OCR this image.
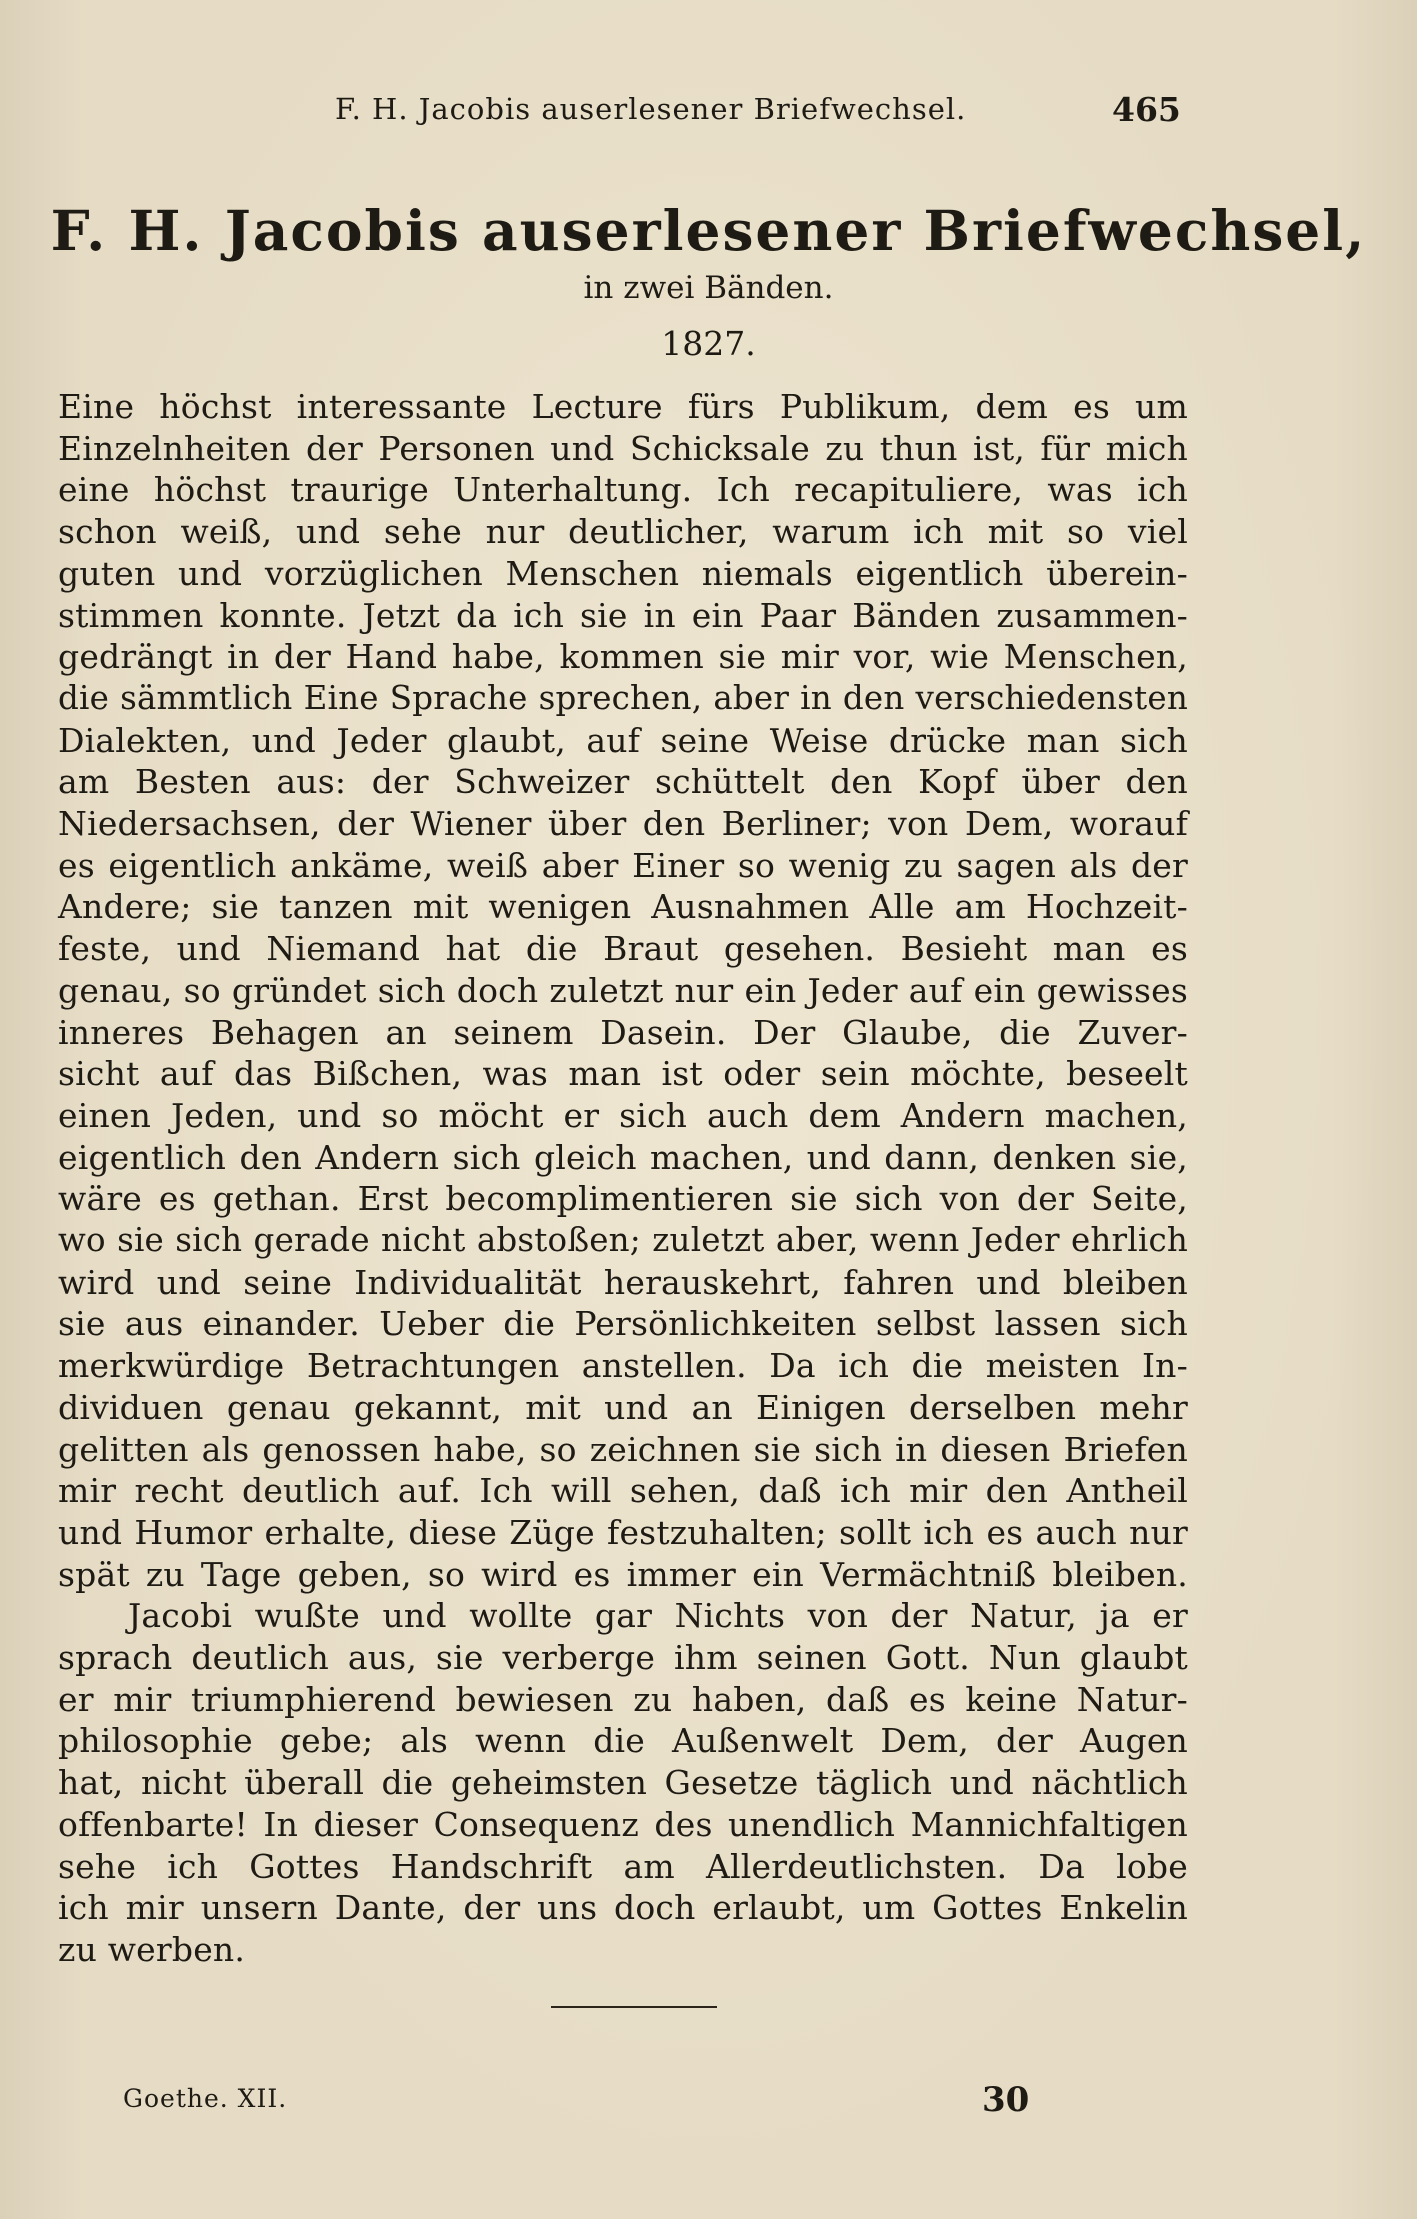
F. H. Jacobis auserlesener Briefwechsel.	465
F. H. Jacobis auserlesener Briefwechsel,
in zwei Bänden.
1827.
Eine höchst interessante Lecture fürs Publikum, dem es um
Einzelnheiten der Personen und Schicksale zu thun ist, für mich
eine höchst traurige Unterhaltung. Ich recapituliere, was ich
schon weiß, und sehe nur deutlicher, warum ich mit so viel
guten und vorzüglichen Menschen niemals eigentlich überein-
stimmen konnte. Jetzt da ich sie in ein Paar Bänden zusammen-
gedrängt in der Hand habe, kommen sie mir vor, wie Menschen,
die sämmtlich Eine Sprache sprechen, aber in den verschiedensten
Dialekten, und Jeder glaubt, auf seine Weise drücke man sich
am Besten aus: der Schweizer schüttelt den Kopf über den
Niedersachsen, der Wiener über den Berliner; von Dem, worauf
es eigentlich ankäme, weiß aber Einer so wenig zu sagen als der
Andere; sie tanzen mit wenigen Ausnahmen Alle am Hochzeit-
feste, und Niemand hat die Braut gesehen. Besieht man es
genau, so gründet sich doch zuletzt nur ein Jeder auf ein gewisses
inneres Behagen an seinem Dasein. Der Glaube, die Zuver-
sicht auf das Bißchen, was man ist oder sein möchte, beseelt
einen Jeden, und so möcht er sich auch dem Andern machen,
eigentlich den Andern sich gleich machen, und dann, denken sie,
wäre es gethan. Erst becomplimentieren sie sich von der Seite,
wo sie sich gerade nicht abstoßen; zuletzt aber, wenn Jeder ehrlich
wird und seine Individualität herauskehrt, fahren und bleiben
sie aus einander. Ueber die Persönlichkeiten selbst lassen sich
merkwürdige Betrachtungen anstellen. Da ich die meisten In-
dividuen genau gekannt, mit und an Einigen derselben mehr
gelitten als genossen habe, so zeichnen sie sich in diesen Briefen
mir recht deutlich auf. Ich will sehen, daß ich mir den Antheil
und Humor erhalte, diese Züge festzuhalten; sollt ich es auch nur
spät zu Tage geben, so wird es immer ein Vermächtniß bleiben.
Jacobi wußte und wollte gar Nichts von der Natur, ja er
sprach deutlich aus, sie verberge ihm seinen Gott. Nun glaubt
er mir triumphierend bewiesen zu haben, daß es keine Natur-
philosophie gebe; als wenn die Außenwelt Dem, der Augen
hat, nicht überall die geheimsten Gesetze täglich und nächtlich
offenbarte! In dieser Consequenz des unendlich Mannichfaltigen
sehe ich Gottes Handschrift am Allerdeutlichsten. Da lobe
ich mir unsern Dante, der uns doch erlaubt, um Gottes Enkelin
zu werben.
Goethe. XII.	30
